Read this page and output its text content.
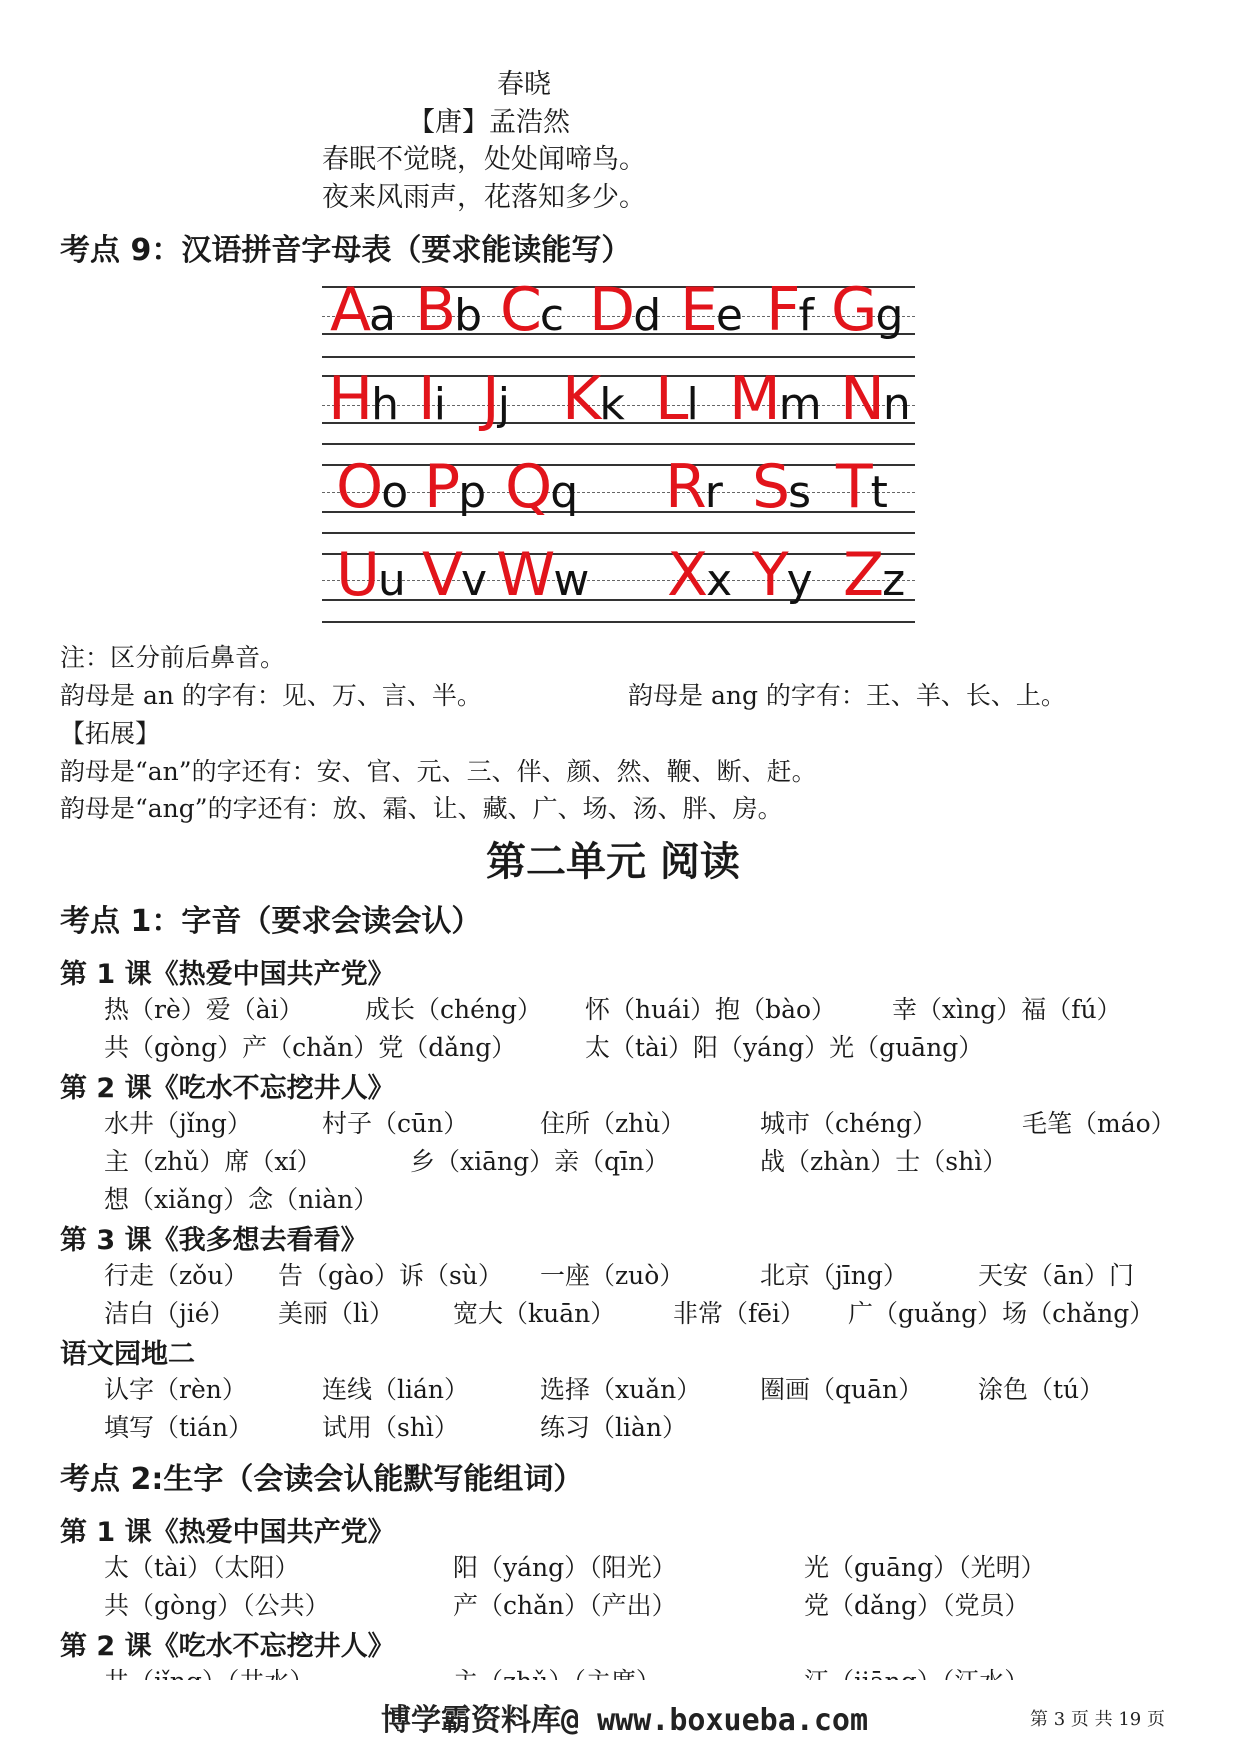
春晓
【唐】孟浩然
春眠不觉晓，处处闻啼鸟。
夜来风雨声，花落知多少。
考点 9：汉语拼音字母表（要求能读能写）
Aa Bb Cc Dd Ee Ff Gg
Hh Ii Jj Kk Ll Mm Nn
Oo Pp Qq Rr Ss Tt
Uu Vv Ww Xx Yy Zz
注：区分前后鼻音。
韵母是 an 的字有：见、万、言、半。	韵母是 ang 的字有：王、羊、长、上。
【拓展】
韵母是“an”的字还有：安、官、元、三、伴、颜、然、鞭、断、赶。
韵母是“ang”的字还有：放、霜、让、藏、广、场、汤、胖、房。
第二单元 阅读
考点 1：字音（要求会读会认）
第 1 课《热爱中国共产党》
热（rè）爱（ài） 成长（chéng） 怀（huái）抱（bào） 幸（xìng）福（fú）
共（gòng）产（chǎn）党（dǎng）	太（tài）阳（yáng）光（guāng）
第 2 课《吃水不忘挖井人》
水井（jǐng）	村子（cūn）	住所（zhù）	城市（chéng）	毛笔（máo）
主（zhǔ）席（xí）	乡（xiāng）亲（qīn）	战（zhàn）士（shì）
想（xiǎng）念（niàn）
第 3 课《我多想去看看》
行走（zǒu） 告（gào）诉（sù） 一座（zuò）	北京（jīng）	天安（ān）门
洁白（jié） 美丽（lì） 宽大（kuān） 非常（fēi） 广（guǎng）场（chǎng）
语文园地二
认字（rèn）	连线（lián）	选择（xuǎn） 圈画（quān） 涂色（tú）
填写（tián）	试用（shì）	练习（liàn）
考点 2:生字（会读会认能默写能组词）
第 1 课《热爱中国共产党》
太（tài）（太阳）	阳（yáng）（阳光）	光（guāng）（光明）
共（gòng）（公共）	产（chǎn）（产出）	党（dǎng）（党员）
第 2 课《吃水不忘挖井人》
博学霸资料库@ www.boxueba.com	第 3 页 共 19 页
